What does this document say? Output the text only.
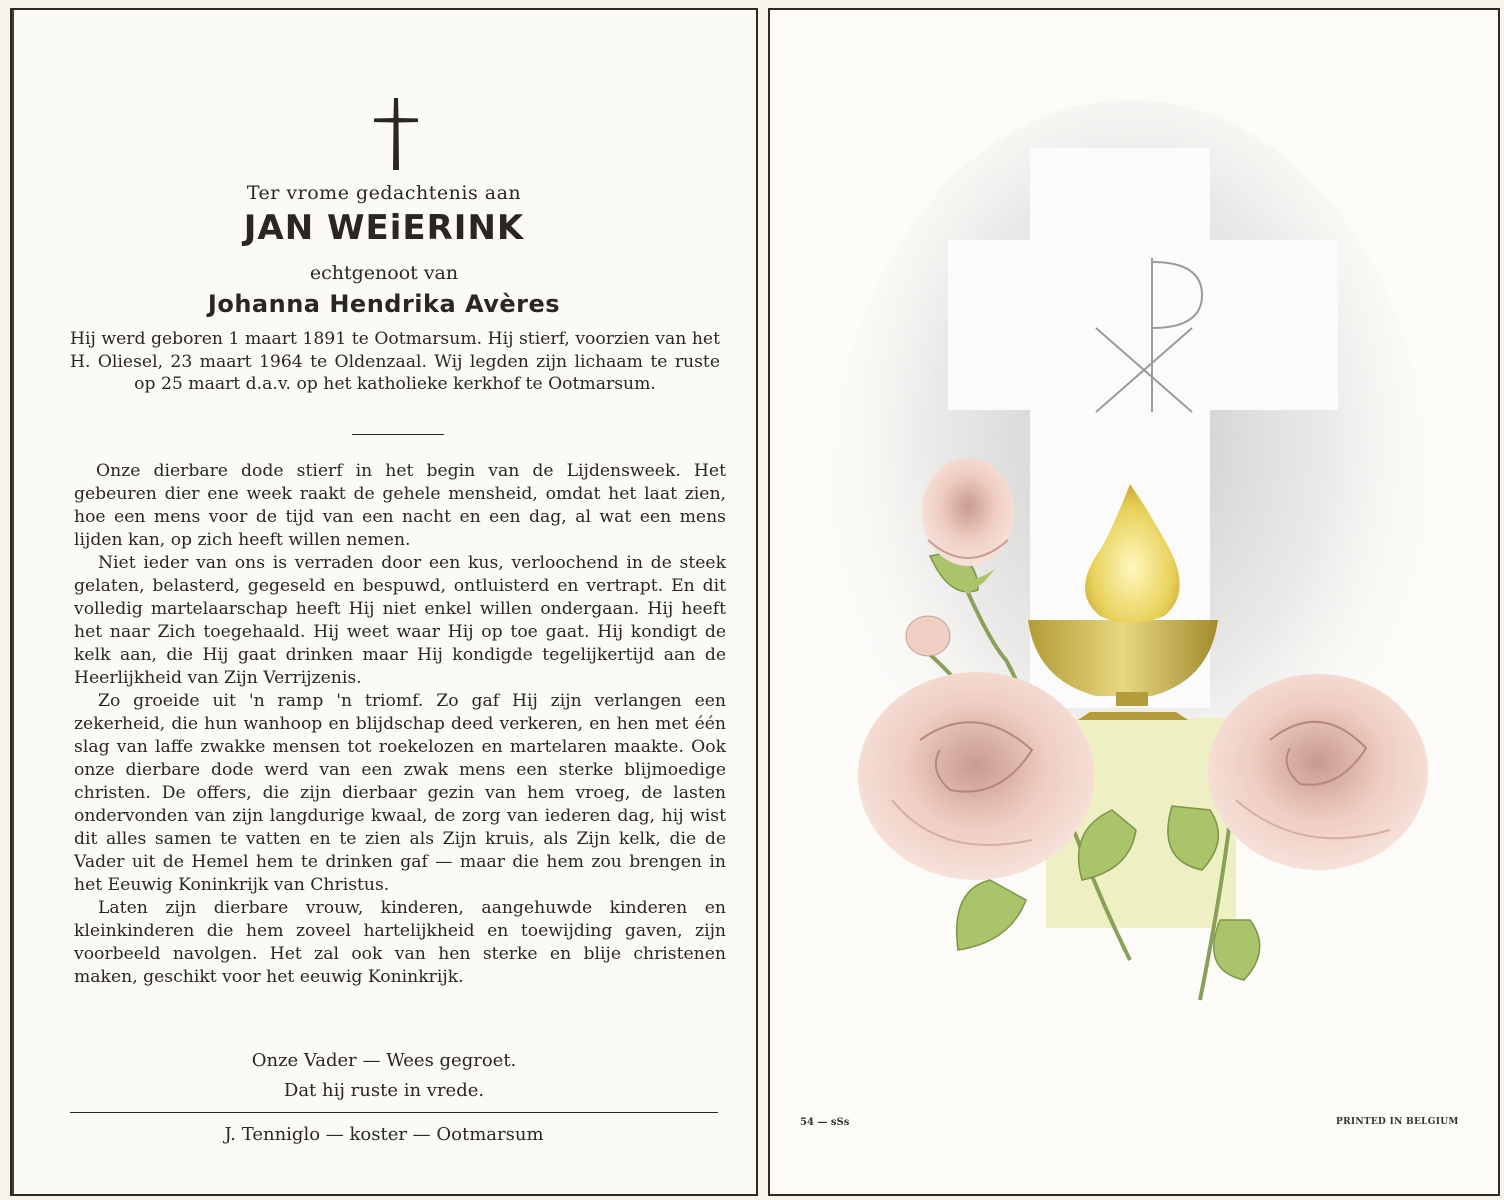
Ter vrome gedachtenis aan
JAN WEiERINK
echtgenoot van
Johanna Hendrika Avères
Hij werd geboren 1 maart 1891 te Ootmarsum. Hij stierf, voorzien van het H. Oliesel, 23 maart 1964 te Oldenzaal. Wij legden zijn lichaam te ruste op 25 maart d.a.v. op het katholieke kerkhof te Ootmarsum.

Onze dierbare dode stierf in het begin van de Lijdensweek. Het gebeuren dier ene week raakt de gehele mensheid, omdat het laat zien, hoe een mens voor de tijd van een nacht en een dag, al wat een mens lijden kan, op zich heeft willen nemen.

Niet ieder van ons is verraden door een kus, verloochend in de steek gelaten, belasterd, gegeseld en bespuwd, ontluisterd en vertrapt. En dit volledig martelaarschap heeft Hij niet enkel willen ondergaan. Hij heeft het naar Zich toegehaald. Hij weet waar Hij op toe gaat. Hij kondigt de kelk aan, die Hij gaat drinken maar Hij kondigde tegelijkertijd aan de Heerlijkheid van Zijn Verrijzenis.

Zo groeide uit 'n ramp 'n triomf. Zo gaf Hij zijn verlangen een zekerheid, die hun wanhoop en blijdschap deed verkeren, en hen met één slag van laffe zwakke mensen tot roekelozen en martelaren maakte. Ook onze dierbare dode werd van een zwak mens een sterke blijmoedige christen. De offers, die zijn dierbaar gezin van hem vroeg, de lasten ondervonden van zijn langdurige kwaal, de zorg van iederen dag, hij wist dit alles samen te vatten en te zien als Zijn kruis, als Zijn kelk, die de Vader uit de Hemel hem te drinken gaf — maar die hem zou brengen in het Eeuwig Koninkrijk van Christus.

Laten zijn dierbare vrouw, kinderen, aangehuwde kinderen en kleinkinderen die hem zoveel hartelijkheid en toewijding gaven, zijn voorbeeld navolgen. Het zal ook van hen sterke en blije christenen maken, geschikt voor het eeuwig Koninkrijk.

Onze Vader — Wees gegroet.
Dat hij ruste in vrede.
J. Tenniglo — koster — Ootmarsum
54 — sSs	PRINTED IN BELGIUM
